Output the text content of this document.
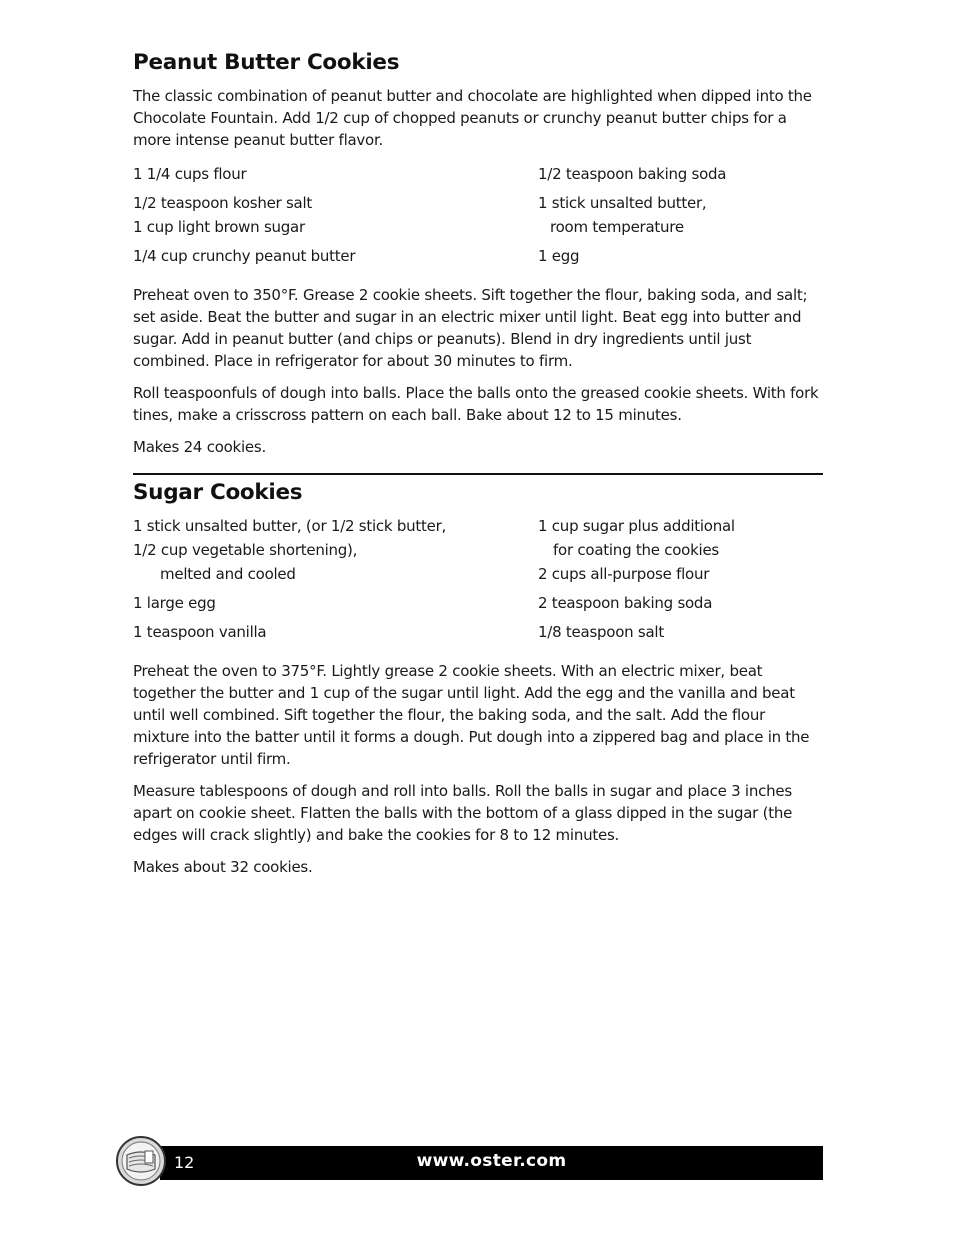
Peanut Butter Cookies

The classic combination of peanut butter and chocolate are highlighted when dipped into the Chocolate Fountain. Add 1/2 cup of chopped peanuts or crunchy peanut butter chips for a more intense peanut butter flavor.

1 1/4 cups flour
1/2 teaspoon kosher salt
1 cup light brown sugar
1/4 cup crunchy peanut butter
1/2 teaspoon baking soda
1 stick unsalted butter,
room temperature
1 egg

Preheat oven to 350°F. Grease 2 cookie sheets. Sift together the flour, baking soda, and salt; set aside. Beat the butter and sugar in an electric mixer until light. Beat egg into butter and sugar. Add in peanut butter (and chips or peanuts). Blend in dry ingredients until just combined. Place in refrigerator for about 30 minutes to firm.

Roll teaspoonfuls of dough into balls. Place the balls onto the greased cookie sheets. With fork tines, make a crisscross pattern on each ball. Bake about 12 to 15 minutes.

Makes 24 cookies.

Sugar Cookies
1 stick unsalted butter, (or 1/2 stick butter,
1/2 cup vegetable shortening),
melted and cooled
1 large egg
1 teaspoon vanilla
1 cup sugar plus additional
for coating the cookies
2 cups all-purpose flour
2 teaspoon baking soda
1/8 teaspoon salt

Preheat the oven to 375°F. Lightly grease 2 cookie sheets. With an electric mixer, beat together the butter and 1 cup of the sugar until light. Add the egg and the vanilla and beat until well combined. Sift together the flour, the baking soda, and the salt. Add the flour mixture into the batter until it forms a dough. Put dough into a zippered bag and place in the refrigerator until firm.

Measure tablespoons of dough and roll into balls. Roll the balls in sugar and place 3 inches apart on cookie sheet. Flatten the balls with the bottom of a glass dipped in the sugar (the edges will crack slightly) and bake the cookies for 8 to 12 minutes.

Makes about 32 cookies.

12	www.oster.com
